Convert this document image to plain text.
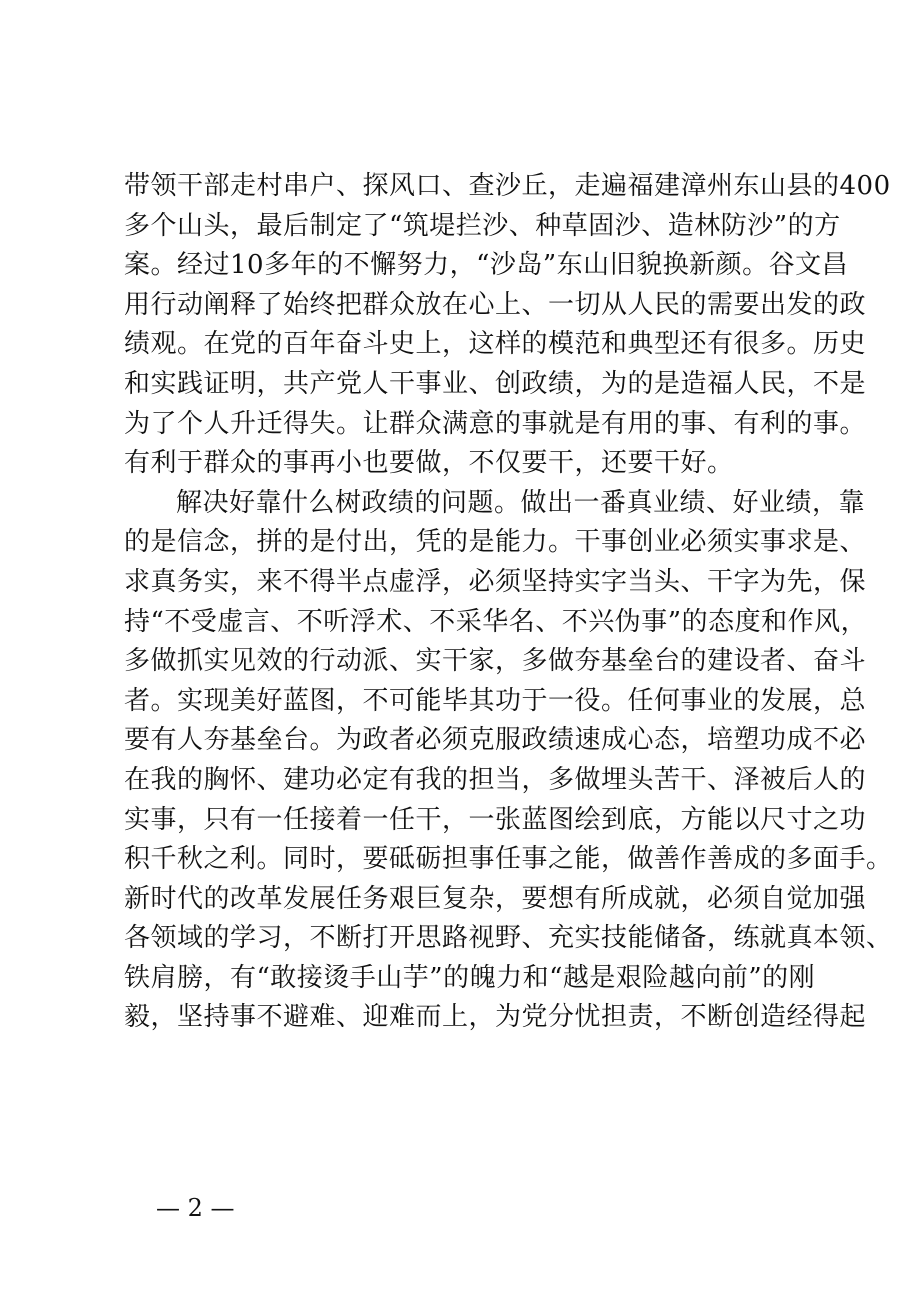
带领干部走村串户、探风口、查沙丘，走遍福建漳州东山县的400
多个山头，最后制定了“筑堤拦沙、种草固沙、造林防沙”的方
案。经过10多年的不懈努力，“沙岛”东山旧貌换新颜。谷文昌
用行动阐释了始终把群众放在心上、一切从人民的需要出发的政
绩观。在党的百年奋斗史上，这样的模范和典型还有很多。历史
和实践证明，共产党人干事业、创政绩，为的是造福人民，不是
为了个人升迁得失。让群众满意的事就是有用的事、有利的事。
有利于群众的事再小也要做，不仅要干，还要干好。
解决好靠什么树政绩的问题。做出一番真业绩、好业绩，靠
的是信念，拼的是付出，凭的是能力。干事创业必须实事求是、
求真务实，来不得半点虚浮，必须坚持实字当头、干字为先，保
持“不受虚言、不听浮术、不采华名、不兴伪事”的态度和作风，
多做抓实见效的行动派、实干家，多做夯基垒台的建设者、奋斗
者。实现美好蓝图，不可能毕其功于一役。任何事业的发展，总
要有人夯基垒台。为政者必须克服政绩速成心态，培塑功成不必
在我的胸怀、建功必定有我的担当，多做埋头苦干、泽被后人的
实事，只有一任接着一任干，一张蓝图绘到底，方能以尺寸之功
积千秋之利。同时，要砥砺担事任事之能，做善作善成的多面手。
新时代的改革发展任务艰巨复杂，要想有所成就，必须自觉加强
各领域的学习，不断打开思路视野、充实技能储备，练就真本领、
铁肩膀，有“敢接烫手山芋”的魄力和“越是艰险越向前”的刚
毅，坚持事不避难、迎难而上，为党分忧担责，不断创造经得起
— 2 —
